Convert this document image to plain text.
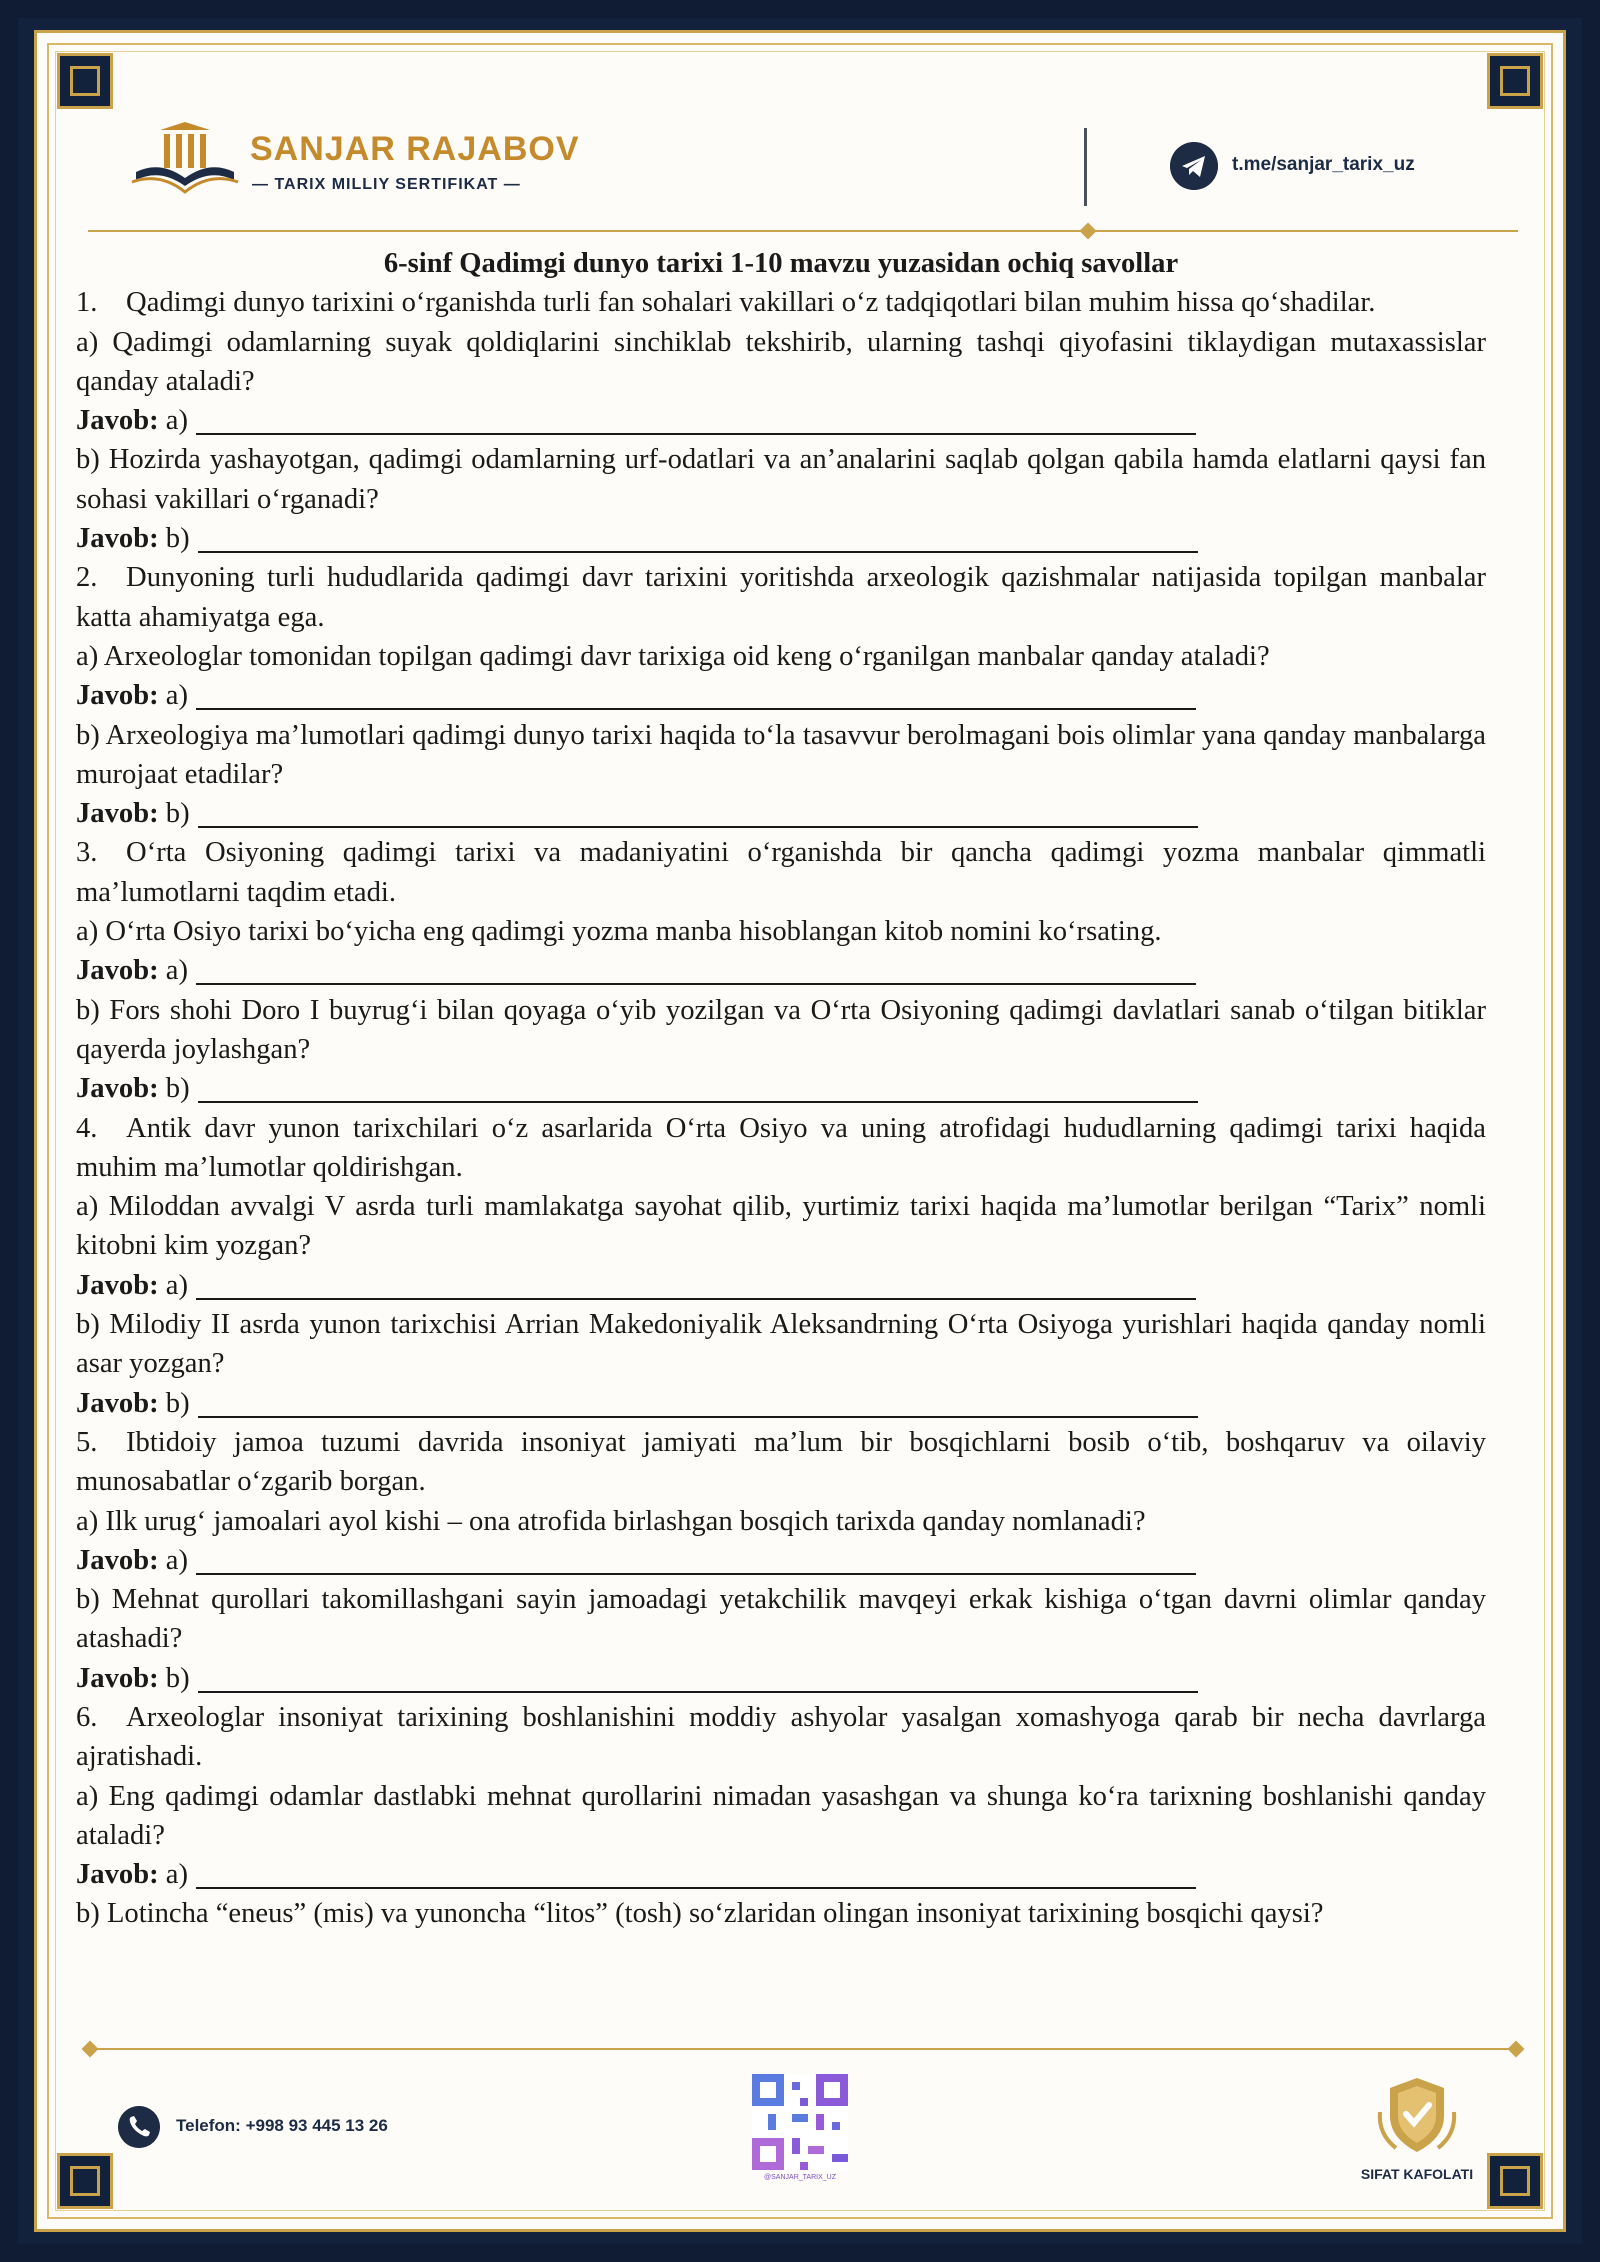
SANJAR RAJABOV
— TARIX MILLIY SERTIFIKAT —
t.me/sanjar_tarix_uz

6-sinf Qadimgi dunyo tarixi 1-10 mavzu yuzasidan ochiq savollar

1. Qadimgi dunyo tarixini o‘rganishda turli fan sohalari vakillari o‘z tadqiqotlari bilan muhim hissa qo‘shadilar.

a) Qadimgi odamlarning suyak qoldiqlarini sinchiklab tekshirib, ularning tashqi qiyofasini tiklaydigan mutaxassislar qanday ataladi?

Javob: a)

b) Hozirda yashayotgan, qadimgi odamlarning urf-odatlari va an’analarini saqlab qolgan qabila hamda elatlarni qaysi fan sohasi vakillari o‘rganadi?

Javob: b)

2. Dunyoning turli hududlarida qadimgi davr tarixini yoritishda arxeologik qazishmalar natijasida topilgan manbalar katta ahamiyatga ega.

a) Arxeologlar tomonidan topilgan qadimgi davr tarixiga oid keng o‘rganilgan manbalar qanday ataladi?

Javob: a)

b) Arxeologiya ma’lumotlari qadimgi dunyo tarixi haqida to‘la tasavvur berolmagani bois olimlar yana qanday manbalarga murojaat etadilar?

Javob: b)

3. O‘rta Osiyoning qadimgi tarixi va madaniyatini o‘rganishda bir qancha qadimgi yozma manbalar qimmatli ma’lumotlarni taqdim etadi.

a) O‘rta Osiyo tarixi bo‘yicha eng qadimgi yozma manba hisoblangan kitob nomini ko‘rsating.

Javob: a)

b) Fors shohi Doro I buyrug‘i bilan qoyaga o‘yib yozilgan va O‘rta Osiyoning qadimgi davlatlari sanab o‘tilgan bitiklar qayerda joylashgan?

Javob: b)

4. Antik davr yunon tarixchilari o‘z asarlarida O‘rta Osiyo va uning atrofidagi hududlarning qadimgi tarixi haqida muhim ma’lumotlar qoldirishgan.

a) Miloddan avvalgi V asrda turli mamlakatga sayohat qilib, yurtimiz tarixi haqida ma’lumotlar berilgan “Tarix” nomli kitobni kim yozgan?

Javob: a)

b) Milodiy II asrda yunon tarixchisi Arrian Makedoniyalik Aleksandrning O‘rta Osiyoga yurishlari haqida qanday nomli asar yozgan?

Javob: b)

5. Ibtidoiy jamoa tuzumi davrida insoniyat jamiyati ma’lum bir bosqichlarni bosib o‘tib, boshqaruv va oilaviy munosabatlar o‘zgarib borgan.

a) Ilk urug‘ jamoalari ayol kishi – ona atrofida birlashgan bosqich tarixda qanday nomlanadi?

Javob: a)

b) Mehnat qurollari takomillashgani sayin jamoadagi yetakchilik mavqeyi erkak kishiga o‘tgan davrni olimlar qanday atashadi?

Javob: b)

6. Arxeologlar insoniyat tarixining boshlanishini moddiy ashyolar yasalgan xomashyoga qarab bir necha davrlarga ajratishadi.

a) Eng qadimgi odamlar dastlabki mehnat qurollarini nimadan yasashgan va shunga ko‘ra tarixning boshlanishi qanday ataladi?

Javob: a)

b) Lotincha “eneus” (mis) va yunoncha “litos” (tosh) so‘zlaridan olingan insoniyat tarixining bosqichi qaysi?

Telefon: +998 93 445 13 26
@SANJAR_TARIX_UZ	SIFAT KAFOLATI
